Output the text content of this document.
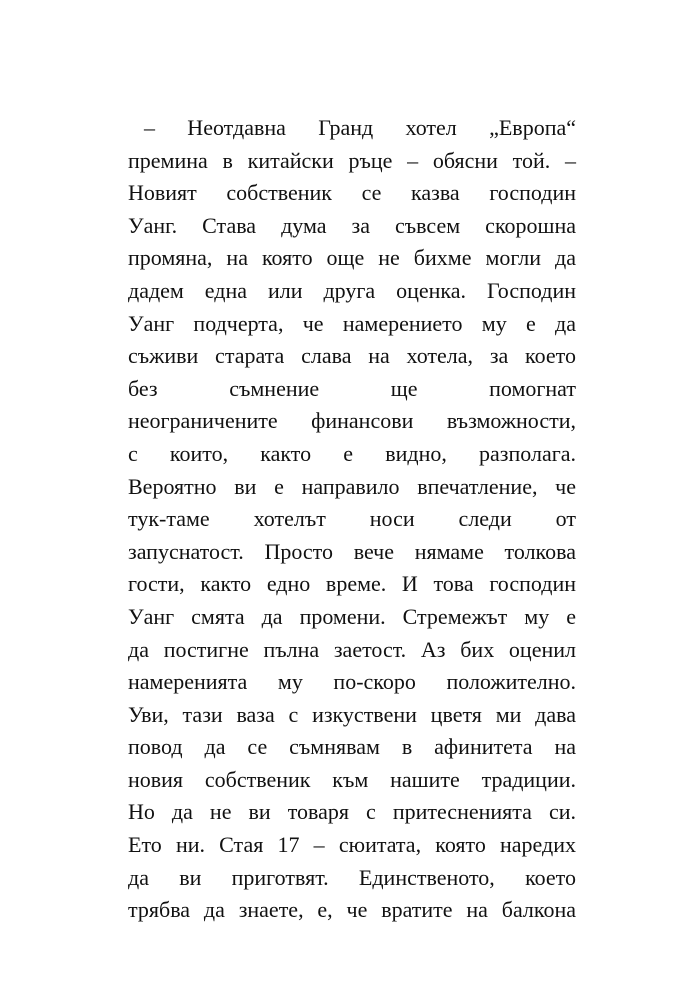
– Неотдавна Гранд хотел „Европа“
премина в китайски ръце – обясни той. –
Новият собственик се казва господин
Уанг. Става дума за съвсем скорошна
промяна, на която още не бихме могли да
дадем една или друга оценка. Господин
Уанг подчерта, че намерението му е да
съживи старата слава на хотела, за което
без съмнение ще помогнат
неограничените финансови възможности,
с които, както е видно, разполага.
Вероятно ви е направило впечатление, че
тук-таме хотелът носи следи от
запуснатост. Просто вече нямаме толкова
гости, както едно време. И това господин
Уанг смята да промени. Стремежът му е
да постигне пълна заетост. Аз бих оценил
намеренията му по-скоро положително.
Уви, тази ваза с изкуствени цветя ми дава
повод да се съмнявам в афинитета на
новия собственик към нашите традиции.
Но да не ви товаря с притесненията си.
Ето ни. Стая 17 – сюитата, която наредих
да ви приготвят. Единственото, което
трябва да знаете, е, че вратите на балкона
